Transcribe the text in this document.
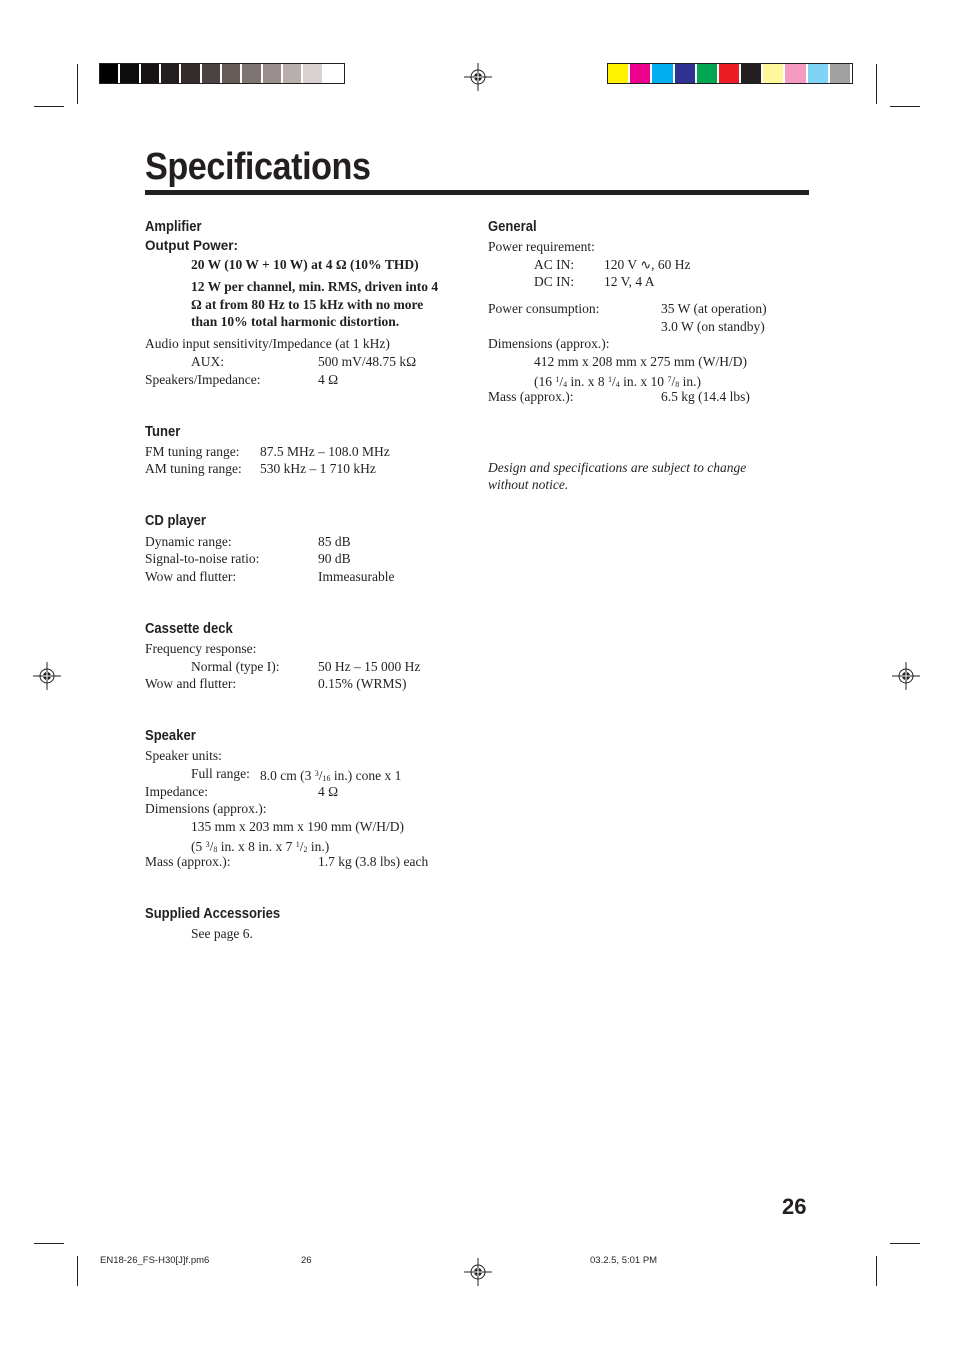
Specifications
Amplifier
Output Power:
20 W (10 W + 10 W) at 4 Ω (10% THD)
12 W per channel, min. RMS, driven into 4
Ω at from 80 Hz to 15 kHz with no more
than 10% total harmonic distortion.
Audio input sensitivity/Impedance (at 1 kHz)
AUX:	500 mV/48.75 kΩ
Speakers/Impedance:	4 Ω
Tuner
FM tuning range: 87.5 MHz – 108.0 MHz
AM tuning range: 530 kHz – 1 710 kHz
CD player
Dynamic range:	85 dB
Signal-to-noise ratio:	90 dB
Wow and flutter:	Immeasurable
Cassette deck
Frequency response:
Normal (type I):	50 Hz – 15 000 Hz
Wow and flutter:	0.15% (WRMS)
Speaker
Speaker units:
Full range: 8.0 cm (3 $^3/_{16}$ in.) cone x 1
Impedance:	4 Ω
Dimensions (approx.):
135 mm x 203 mm x 190 mm (W/H/D)
(5 $^3/_8$ in. x 8 in. x 7 $^1/_2$ in.)
Mass (approx.):	1.7 kg (3.8 lbs) each
Supplied Accessories
See page 6.
General
Power requirement:
AC IN: 120 V ∿, 60 Hz
DC IN: 12 V, 4 A
Power consumption:	35 W (at operation)
3.0 W (on standby)
Dimensions (approx.):
412 mm x 208 mm x 275 mm (W/H/D)
(16 $^1/_4$ in. x 8 $^1/_4$ in. x 10 $^7/_8$ in.)
Mass (approx.):	6.5 kg (14.4 lbs)
Design and specifications are subject to change
without notice.
26
EN18-26_FS-H30[J]f.pm6	26	03.2.5, 5:01 PM
